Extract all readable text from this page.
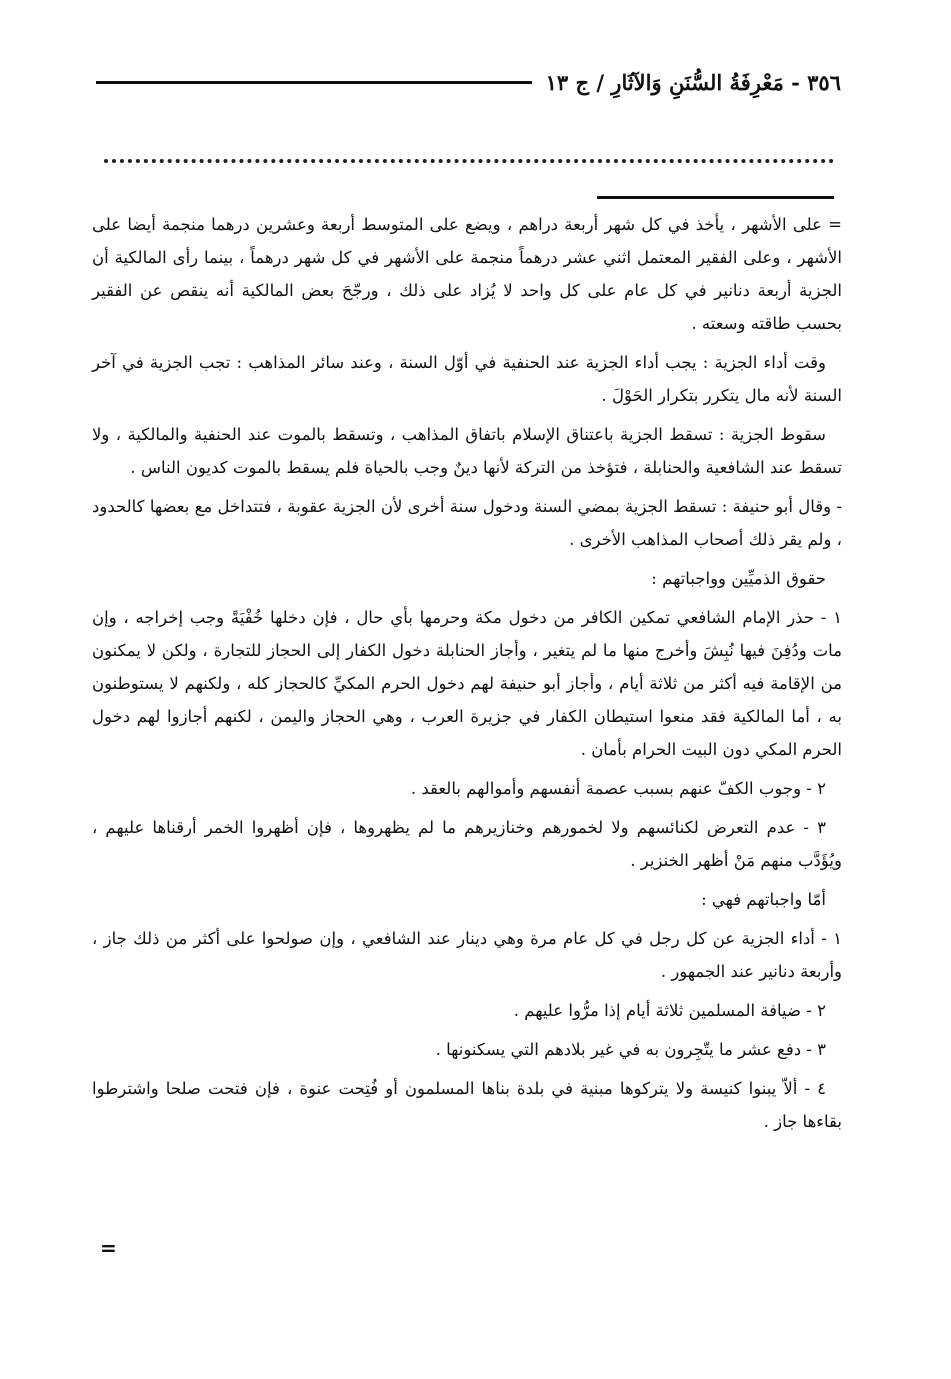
٣٥٦ - مَعْرِفَةُ السُّنَنِ وَالآثَارِ / ج ١٣

= على الأشهر ، يأخذ في كل شهر أربعة دراهم ، ويضع على المتوسط أربعة وعشرين درهما منجمة أيضا على الأشهر ، وعلى الفقير المعتمل اثني عشر درهماً منجمة على الأشهر في كل شهر درهماً ، بينما رأى المالكية أن الجزية أربعة دنانير في كل عام على كل واحد لا يُزاد على ذلك ، ورجّحَ بعض المالكية أنه ينقص عن الفقير بحسب طاقته وسعته .

وقت أداء الجزية : يجب أداء الجزية عند الحنفية في أوّل السنة ، وعند سائر المذاهب : تجب الجزية في آخر السنة لأنه مال يتكرر بتكرار الحَوْلَ .

سقوط الجزية : تسقط الجزية باعتناق الإسلام باتفاق المذاهب ، وتسقط بالموت عند الحنفية والمالكية ، ولا تسقط عند الشافعية والحنابلة ، فتؤخذ من التركة لأنها دينٌ وجب بالحياة فلم يسقط بالموت كديون الناس .

- وقال أبو حنيفة : تسقط الجزية بمضي السنة ودخول سنة أخرى لأن الجزية عقوبة ، فتتداخل مع بعضها كالحدود ، ولم يقر ذلك أصحاب المذاهب الأخرى .

حقوق الذميِّين وواجباتهم :

١ - حذر الإمام الشافعي تمكين الكافر من دخول مكة وحرمها بأي حال ، فإن دخلها خُفْيَةً وجب إخراجه ، وإن مات ودُفِنَ فيها نُبِشَ وأخرج منها ما لم يتغير ، وأجاز الحنابلة دخول الكفار إلى الحجاز للتجارة ، ولكن لا يمكنون من الإقامة فيه أكثر من ثلاثة أيام ، وأجاز أبو حنيفة لهم دخول الحرم المكيِّ كالحجاز كله ، ولكنهم لا يستوطنون به ، أما المالكية فقد منعوا استيطان الكفار في جزيرة العرب ، وهي الحجاز واليمن ، لكنهم أجازوا لهم دخول الحرم المكي دون البيت الحرام بأمان .

٢ - وجوب الكفّ عنهم بسبب عصمة أنفسهم وأموالهم بالعقد .

٣ - عدم التعرض لكنائسهم ولا لخمورهم وخنازيرهم ما لم يظهروها ، فإن أظهروا الخمر أرقناها عليهم ، ويُؤَدَّب منهم مَنْ أظهر الخنزير .

أمّا واجباتهم فهي :

١ - أداء الجزية عن كل رجل في كل عام مرة وهي دينار عند الشافعي ، وإن صولحوا على أكثر من ذلك جاز ، وأربعة دنانير عند الجمهور .

٢ - ضيافة المسلمين ثلاثة أيام إذا مرُّوا عليهم .

٣ - دفع عشر ما يتّجِرون به في غير بلادهم التي يسكنونها .

٤ - ألاّ يبنوا كنيسة ولا يتركوها مبنية في بلدة بناها المسلمون أو فُتِحت عنوة ، فإن فتحت صلحا واشترطوا بقاءها جاز .

=
